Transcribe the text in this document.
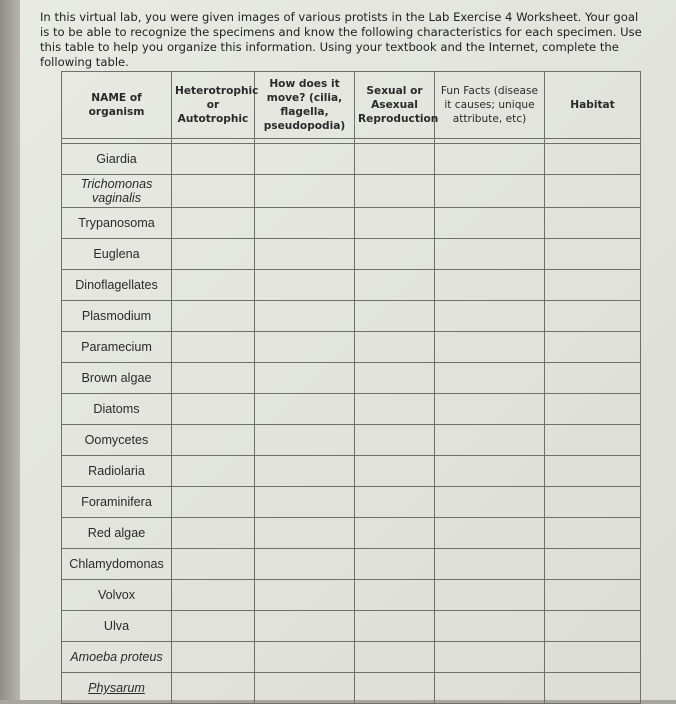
In this virtual lab, you were given images of various protists in the Lab Exercise 4 Worksheet. Your goal is to be able to recognize the specimens and know the following characteristics for each specimen. Use this table to help you organize this information. Using your textbook and the Internet, complete the following table.
NAME of organism	Heterotrophic or Autotrophic	How does it move? (cilia, flagella, pseudopodia)	Sexual or Asexual Reproduction	Fun Facts (disease it causes; unique attribute, etc)	Habitat

Giardia					
Trichomonas vaginalis					
Trypanosoma					
Euglena					
Dinoflagellates					
Plasmodium					
Paramecium					
Brown algae					
Diatoms					
Oomycetes					
Radiolaria					
Foraminifera					
Red algae					
Chlamydomonas					
Volvox					
Ulva					
Amoeba proteus					
Physarum					
